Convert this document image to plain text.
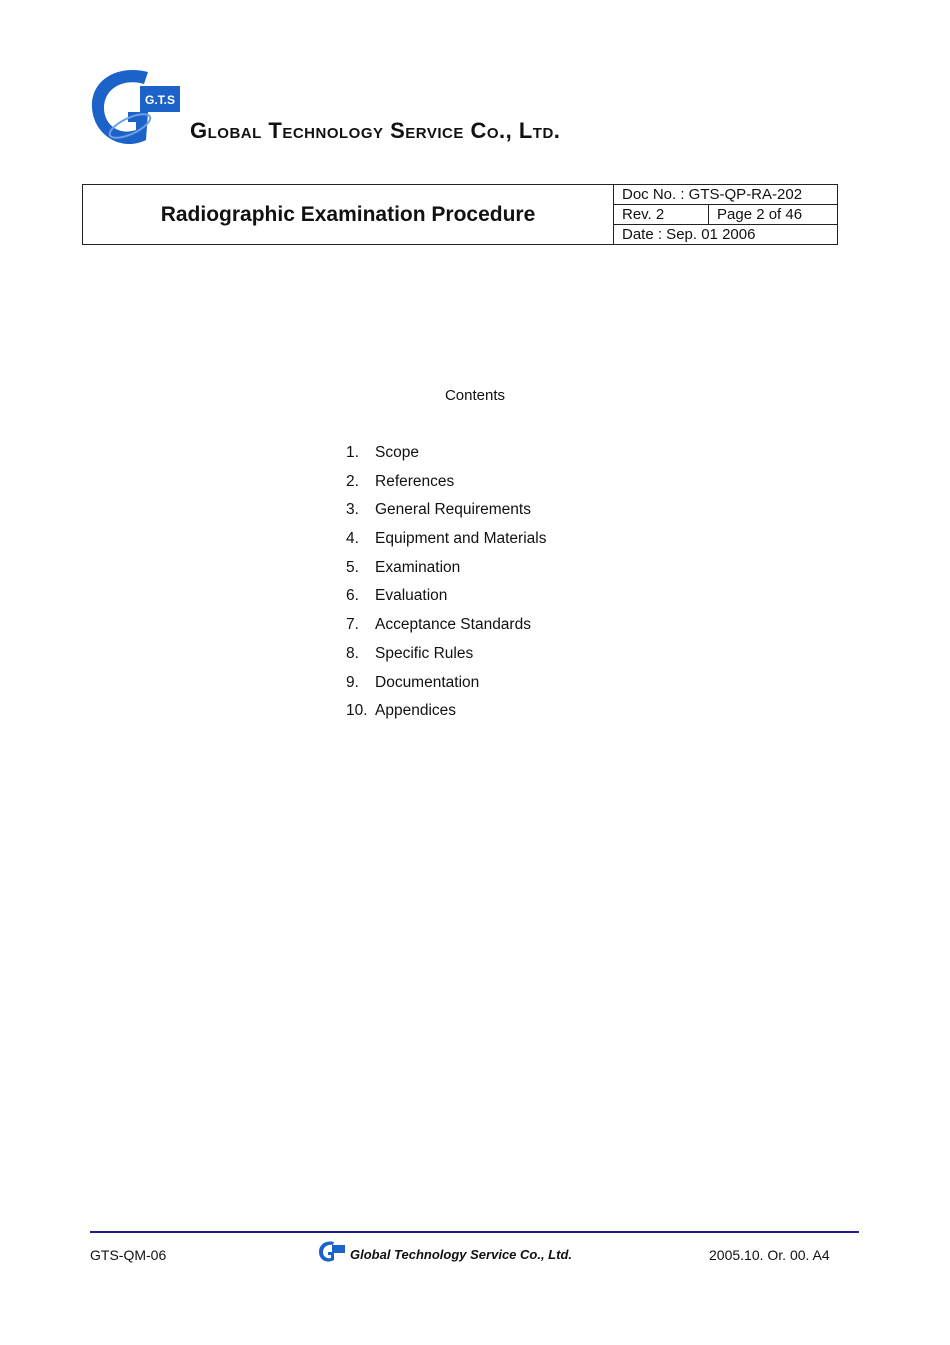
G.T.S
Global Technology Service Co., Ltd.
Radiographic Examination Procedure
Doc No. : GTS-QP-RA-202
Rev. 2	Page 2 of 46
Date : Sep. 01 2006
Contents
1.	Scope
2.	References
3.	General Requirements
4.	Equipment and Materials
5.	Examination
6.	Evaluation
7.	Acceptance Standards
8.	Specific Rules
9.	Documentation
10. Appendices
GTS-QM-06	Global Technology Service Co., Ltd.	2005.10. Or. 00. A4
